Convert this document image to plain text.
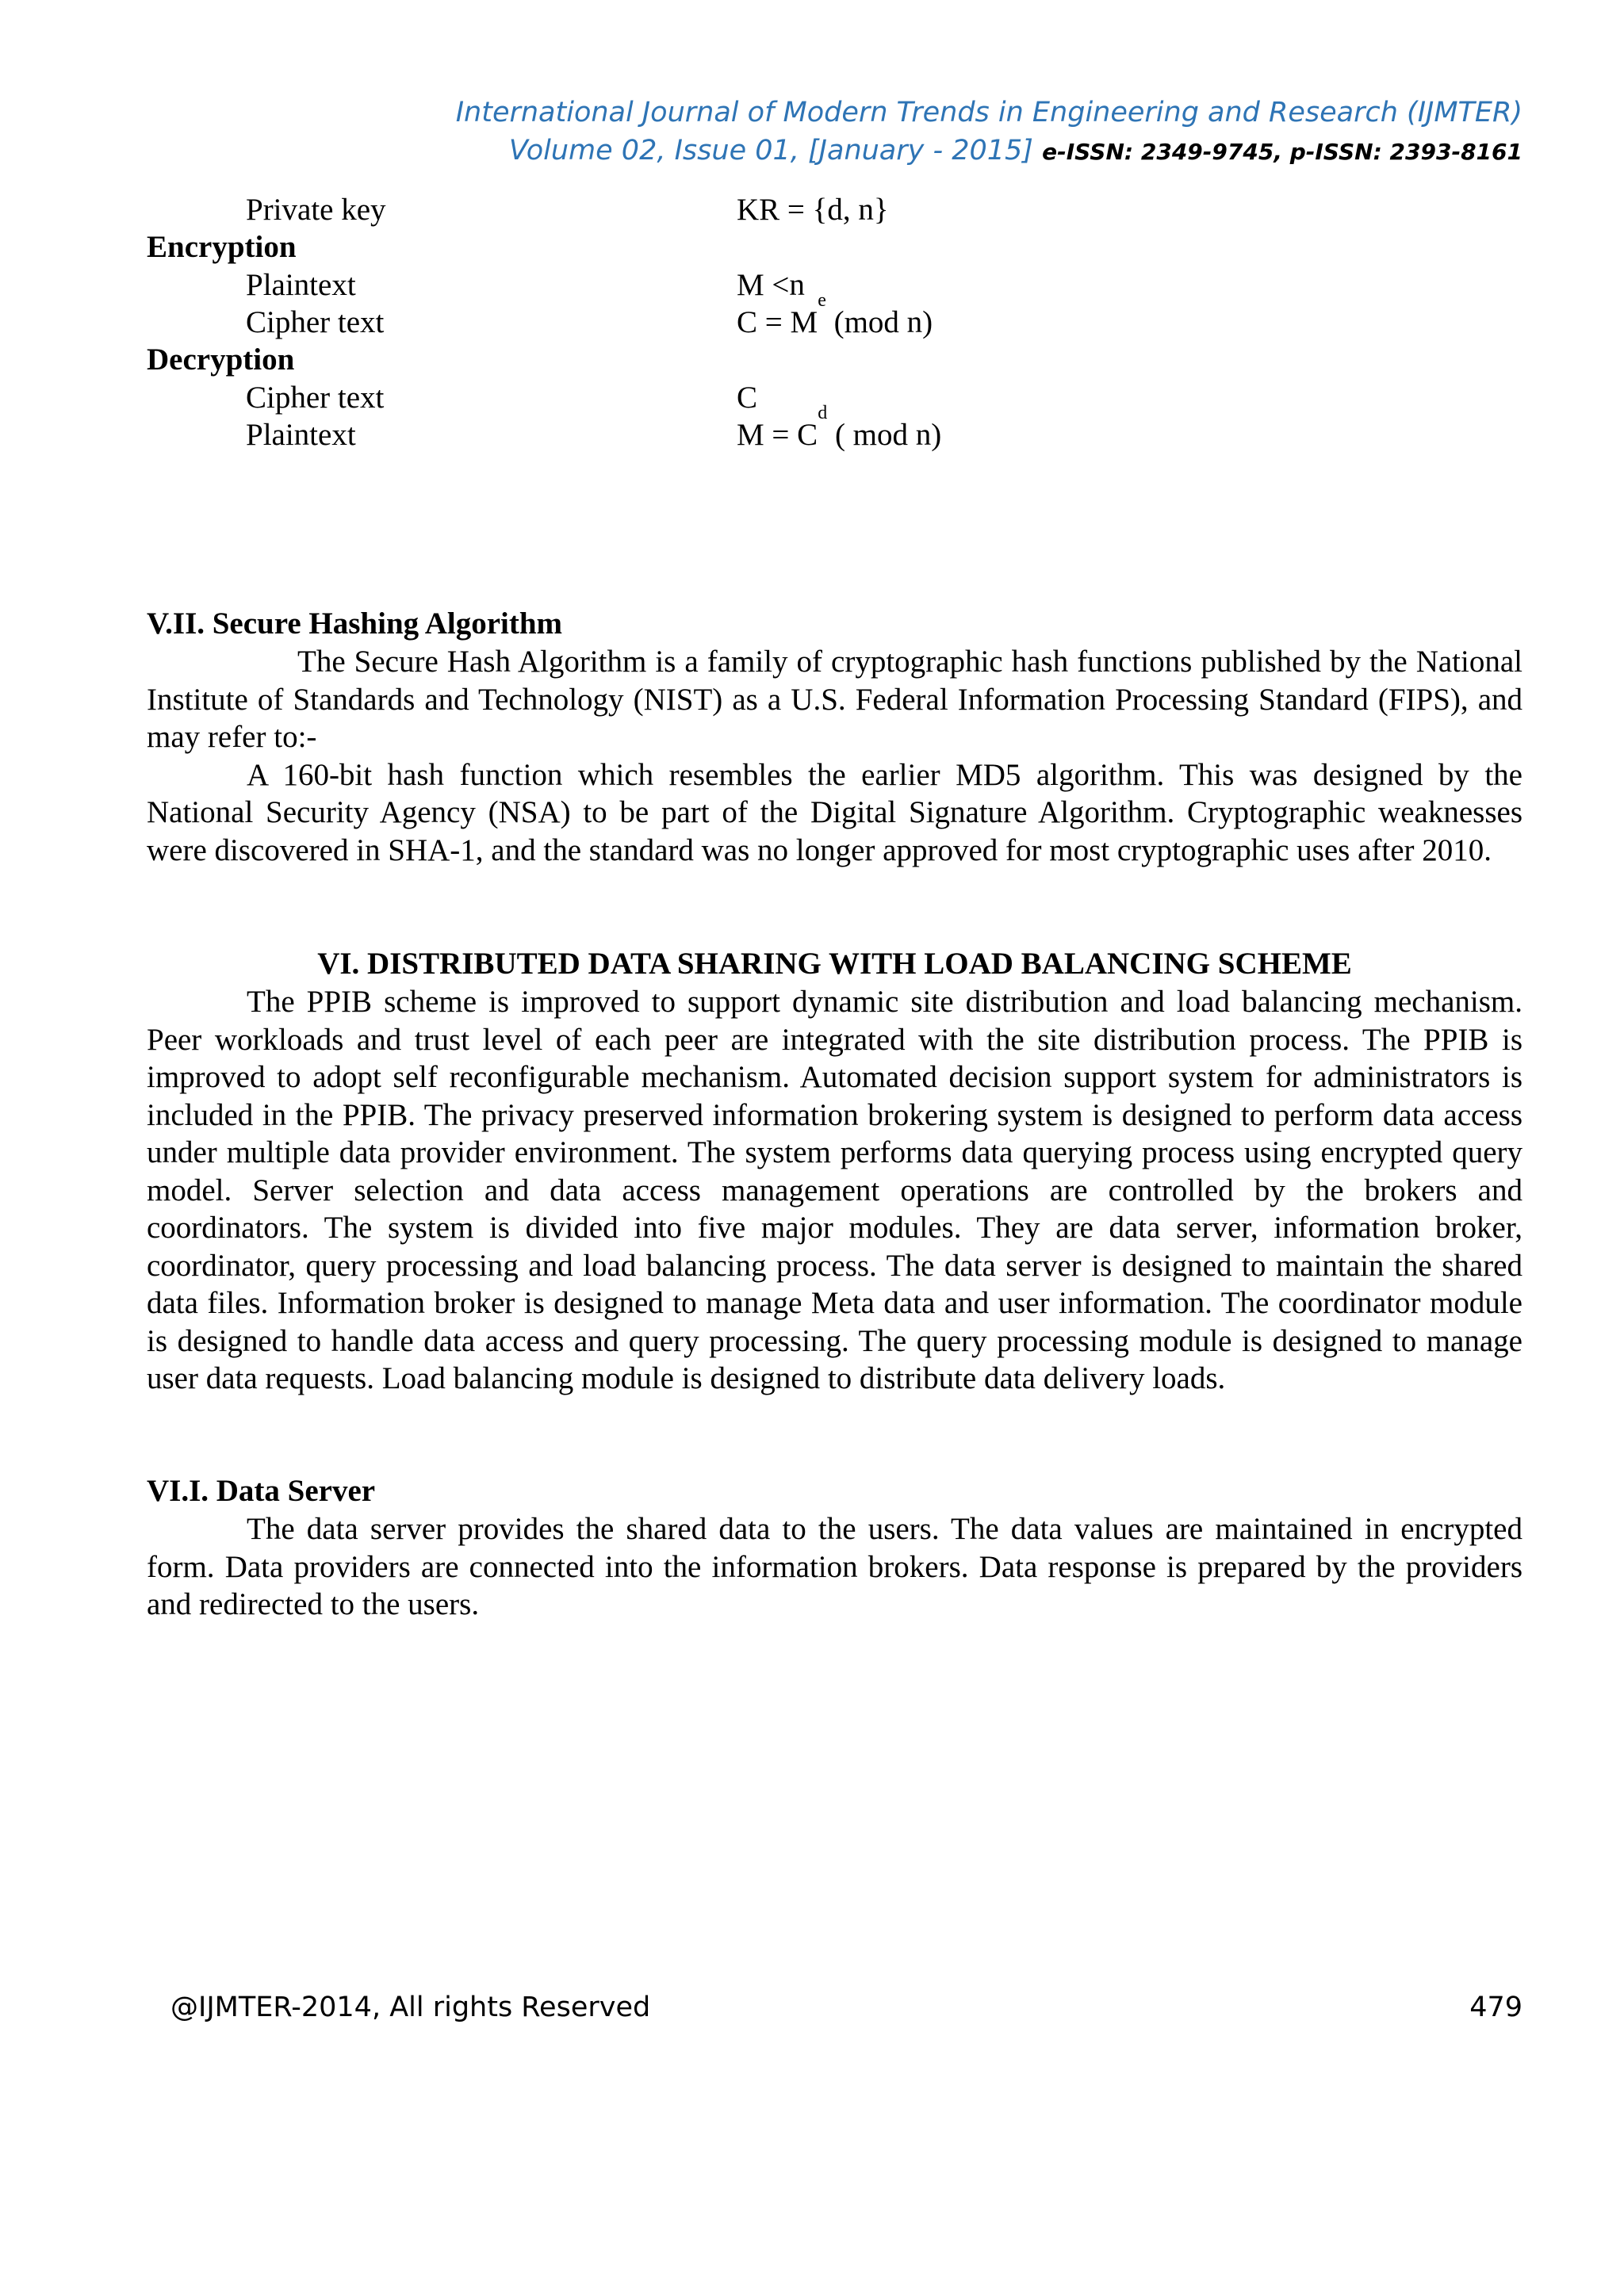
International Journal of Modern Trends in Engineering and Research (IJMTER)
Volume 02, Issue 01, [January - 2015] e-ISSN: 2349-9745, p-ISSN: 2393-8161
Private key	KR = {d, n}
Encryption
Plaintext	M <n
Cipher text	$C = M^e$ (mod n)
Decryption
Cipher text	C
Plaintext	$M = C^d$ ( mod n)
V.II. Secure Hashing Algorithm

The Secure Hash Algorithm is a family of cryptographic hash functions published by the National Institute of Standards and Technology (NIST) as a U.S. Federal Information Processing Standard (FIPS), and may refer to:-

A 160-bit hash function which resembles the earlier MD5 algorithm. This was designed by the National Security Agency (NSA) to be part of the Digital Signature Algorithm. Cryptographic weaknesses were discovered in SHA-1, and the standard was no longer approved for most cryptographic uses after 2010.

VI. DISTRIBUTED DATA SHARING WITH LOAD BALANCING SCHEME

The PPIB scheme is improved to support dynamic site distribution and load balancing mechanism. Peer workloads and trust level of each peer are integrated with the site distribution process. The PPIB is improved to adopt self reconfigurable mechanism. Automated decision support system for administrators is included in the PPIB. The privacy preserved information brokering system is designed to perform data access under multiple data provider environment. The system performs data querying process using encrypted query model. Server selection and data access management operations are controlled by the brokers and coordinators. The system is divided into five major modules. They are data server, information broker, coordinator, query processing and load balancing process. The data server is designed to maintain the shared data files. Information broker is designed to manage Meta data and user information. The coordinator module is designed to handle data access and query processing. The query processing module is designed to manage user data requests. Load balancing module is designed to distribute data delivery loads.

VI.I. Data Server

The data server provides the shared data to the users. The data values are maintained in encrypted form. Data providers are connected into the information brokers. Data response is prepared by the providers and redirected to the users.

@IJMTER-2014, All rights Reserved	479
